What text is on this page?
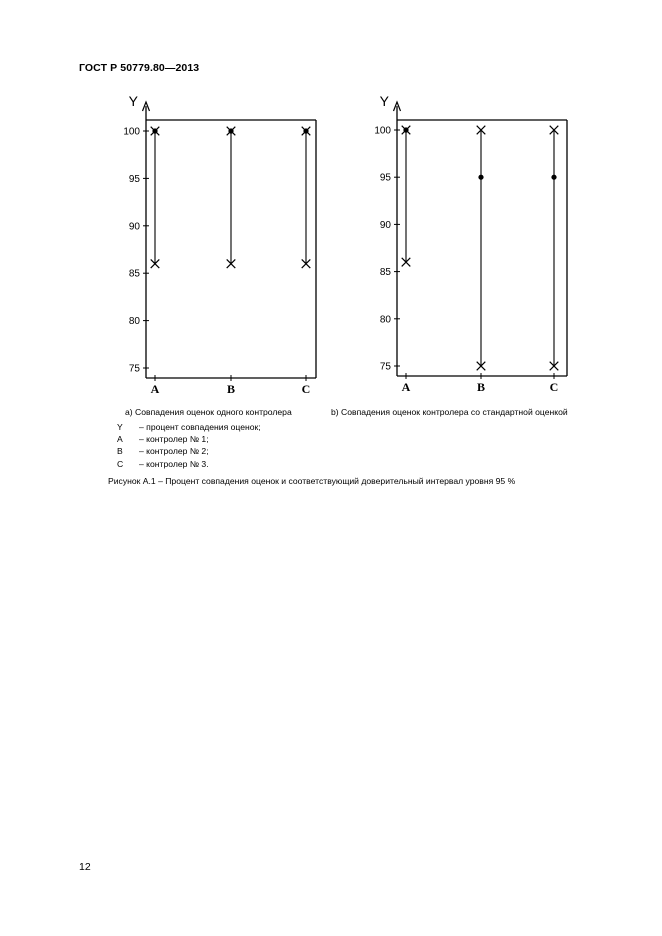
ГОСТ Р 50779.80—2013
Y
75
80
85
90
95
100
A	B	C
Y
75
80
85
90
95
100
A	B	C
а) Совпадения оценок одного контролера	b) Совпадения оценок контролера со стандартной оценкой
Y	– процент совпадения оценок;
A	– контролер № 1;
B	– контролер № 2;
C	– контролер № 3.
Рисунок А.1 – Процент совпадения оценок и соответствующий доверительный интервал уровня 95 %
12
